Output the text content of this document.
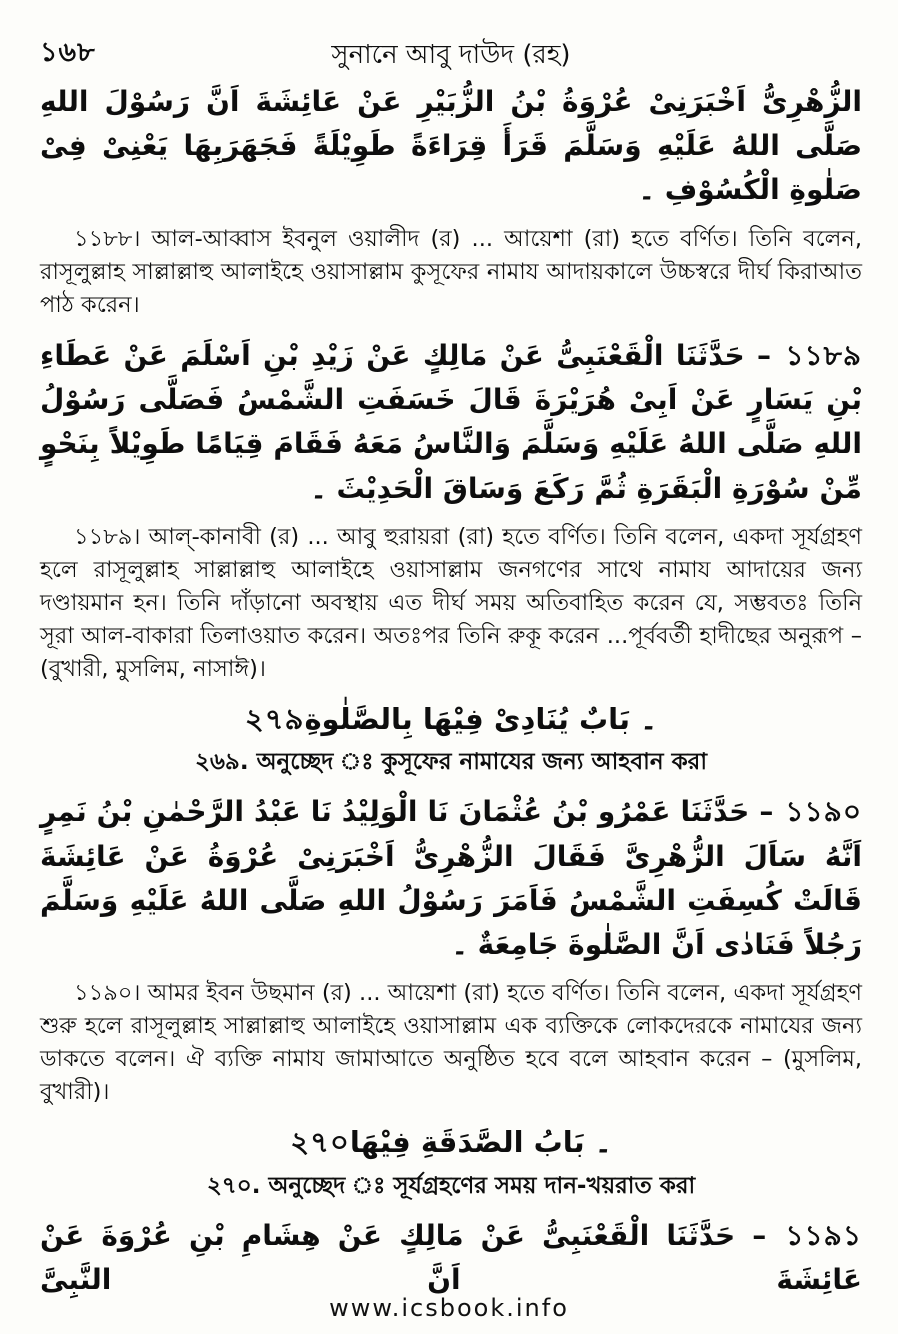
১৬৮	সুনানে আবু দাউদ (রহ)

الزُّهْرِىُّ اَخْبَرَنِىْ عُرْوَةُ بْنُ الزُّبَيْرِ عَنْ عَائِشَةَ اَنَّ رَسُوْلَ اللهِ صَلَّى اللهُ عَلَيْهِ وَسَلَّمَ قَرَأَ قِرَاءَةً طَوِيْلَةً فَجَهَرَبِهَا يَعْنِىْ فِىْ صَلٰوةِ الْكُسُوْفِ ۔

১১৮৮। আল-আব্বাস ইবনুল ওয়ালীদ (র) ... আয়েশা (রা) হতে বর্ণিত। তিনি বলেন, রাসূলুল্লাহ সাল্লাল্লাহু আলাইহে ওয়াসাল্লাম কুসূফের নামায আদায়কালে উচ্চস্বরে দীর্ঘ কিরাআত পাঠ করেন।

১১৮৯ – حَدَّثَنَا الْقَعْنَبِىُّ عَنْ مَالِكٍ عَنْ زَيْدِ بْنِ اَسْلَمَ عَنْ عَطَاءِ بْنِ يَسَارٍ عَنْ اَبِىْ هُرَيْرَةَ قَالَ خَسَفَتِ الشَّمْسُ فَصَلَّى رَسُوْلُ اللهِ صَلَّى اللهُ عَلَيْهِ وَسَلَّمَ وَالنَّاسُ مَعَهُ فَقَامَ قِيَامًا طَوِيْلاً بِنَحْوٍ مِّنْ سُوْرَةِ الْبَقَرَةِ ثُمَّ رَكَعَ وَسَاقَ الْحَدِيْثَ ۔

১১৮৯। আল্-কানাবী (র) ... আবু হুরায়রা (রা) হতে বর্ণিত। তিনি বলেন, একদা সূর্যগ্রহণ হলে রাসূলুল্লাহ সাল্লাল্লাহু আলাইহে ওয়াসাল্লাম জনগণের সাথে নামায আদায়ের জন্য দণ্ডায়মান হন। তিনি দাঁড়ানো অবস্থায় এত দীর্ঘ সময় অতিবাহিত করেন যে, সম্ভবতঃ তিনি সূরা আল-বাকারা তিলাওয়াত করেন। অতঃপর তিনি রুকূ করেন ...পূর্ববর্তী হাদীছের অনুরূপ – (বুখারী, মুসলিম, নাসাঈ)।

২৭৯۔ بَابٌ يُنَادِىْ فِيْهَا بِالصَّلٰوةِ
২৬৯. অনুচ্ছেদ ঃ কুসূফের নামাযের জন্য আহবান করা

১১৯০ – حَدَّثَنَا عَمْرُو بْنُ عُثْمَانَ نَا الْوَلِيْدُ نَا عَبْدُ الرَّحْمٰنِ بْنُ نَمِرٍ اَنَّهُ سَاَلَ الزُّهْرِىَّ فَقَالَ الزُّهْرِىُّ اَخْبَرَنِىْ عُرْوَةُ عَنْ عَائِشَةَ قَالَتْ كُسِفَتِ الشَّمْسُ فَاَمَرَ رَسُوْلُ اللهِ صَلَّى اللهُ عَلَيْهِ وَسَلَّمَ رَجُلاً فَنَادٰى اَنَّ الصَّلٰوةَ جَامِعَةٌ ۔

১১৯০। আমর ইবন উছমান (র) ... আয়েশা (রা) হতে বর্ণিত। তিনি বলেন, একদা সূর্যগ্রহণ শুরু হলে রাসূলুল্লাহ সাল্লাল্লাহু আলাইহে ওয়াসাল্লাম এক ব্যক্তিকে লোকদেরকে নামাযের জন্য ডাকতে বলেন। ঐ ব্যক্তি নামায জামাআতে অনুষ্ঠিত হবে বলে আহবান করেন – (মুসলিম, বুখারী)।

২৭০۔ بَابُ الصَّدَقَةِ فِيْهَا
২৭০. অনুচ্ছেদ ঃ সূর্যগ্রহণের সময় দান-খয়রাত করা

১১৯১ – حَدَّثَنَا الْقَعْنَبِىُّ عَنْ مَالِكٍ عَنْ هِشَامِ بْنِ عُرْوَةَ عَنْ عَائِشَةَ اَنَّ النَّبِىَّ

www.icsbook.info
